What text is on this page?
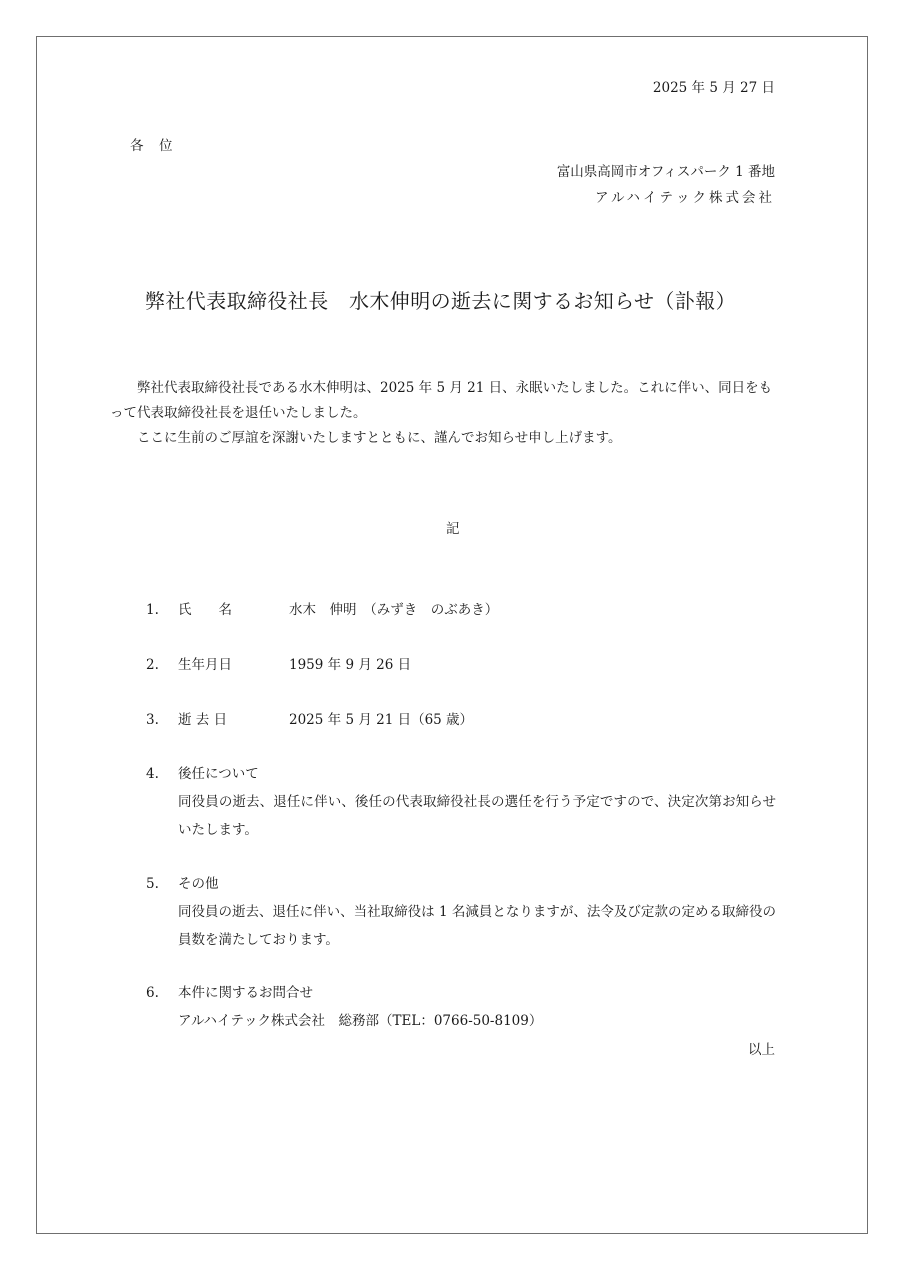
2025 年 5 月 27 日
各　位
富山県高岡市オフィスパーク 1 番地
アルハイテック株式会社
弊社代表取締役社長　水木伸明の逝去に関するお知らせ（訃報）
弊社代表取締役社長である水木伸明は、2025 年 5 月 21 日、永眠いたしました。これに伴い、同日をもって代表取締役社長を退任いたしました。
ここに生前のご厚誼を深謝いたしますとともに、謹んでお知らせ申し上げます。
記
1. 氏　　名	水木　伸明　（みずき　のぶあき）
2. 生年月日	1959 年 9 月 26 日
3. 逝 去 日	2025 年 5 月 21 日（65 歳）
4. 後任について
同役員の逝去、退任に伴い、後任の代表取締役社長の選任を行う予定ですので、決定次第お知らせいたします。
5. その他
同役員の逝去、退任に伴い、当社取締役は 1 名減員となりますが、法令及び定款の定める取締役の員数を満たしております。
6. 本件に関するお問合せ
アルハイテック株式会社　総務部（TEL：0766-50-8109）
以上
